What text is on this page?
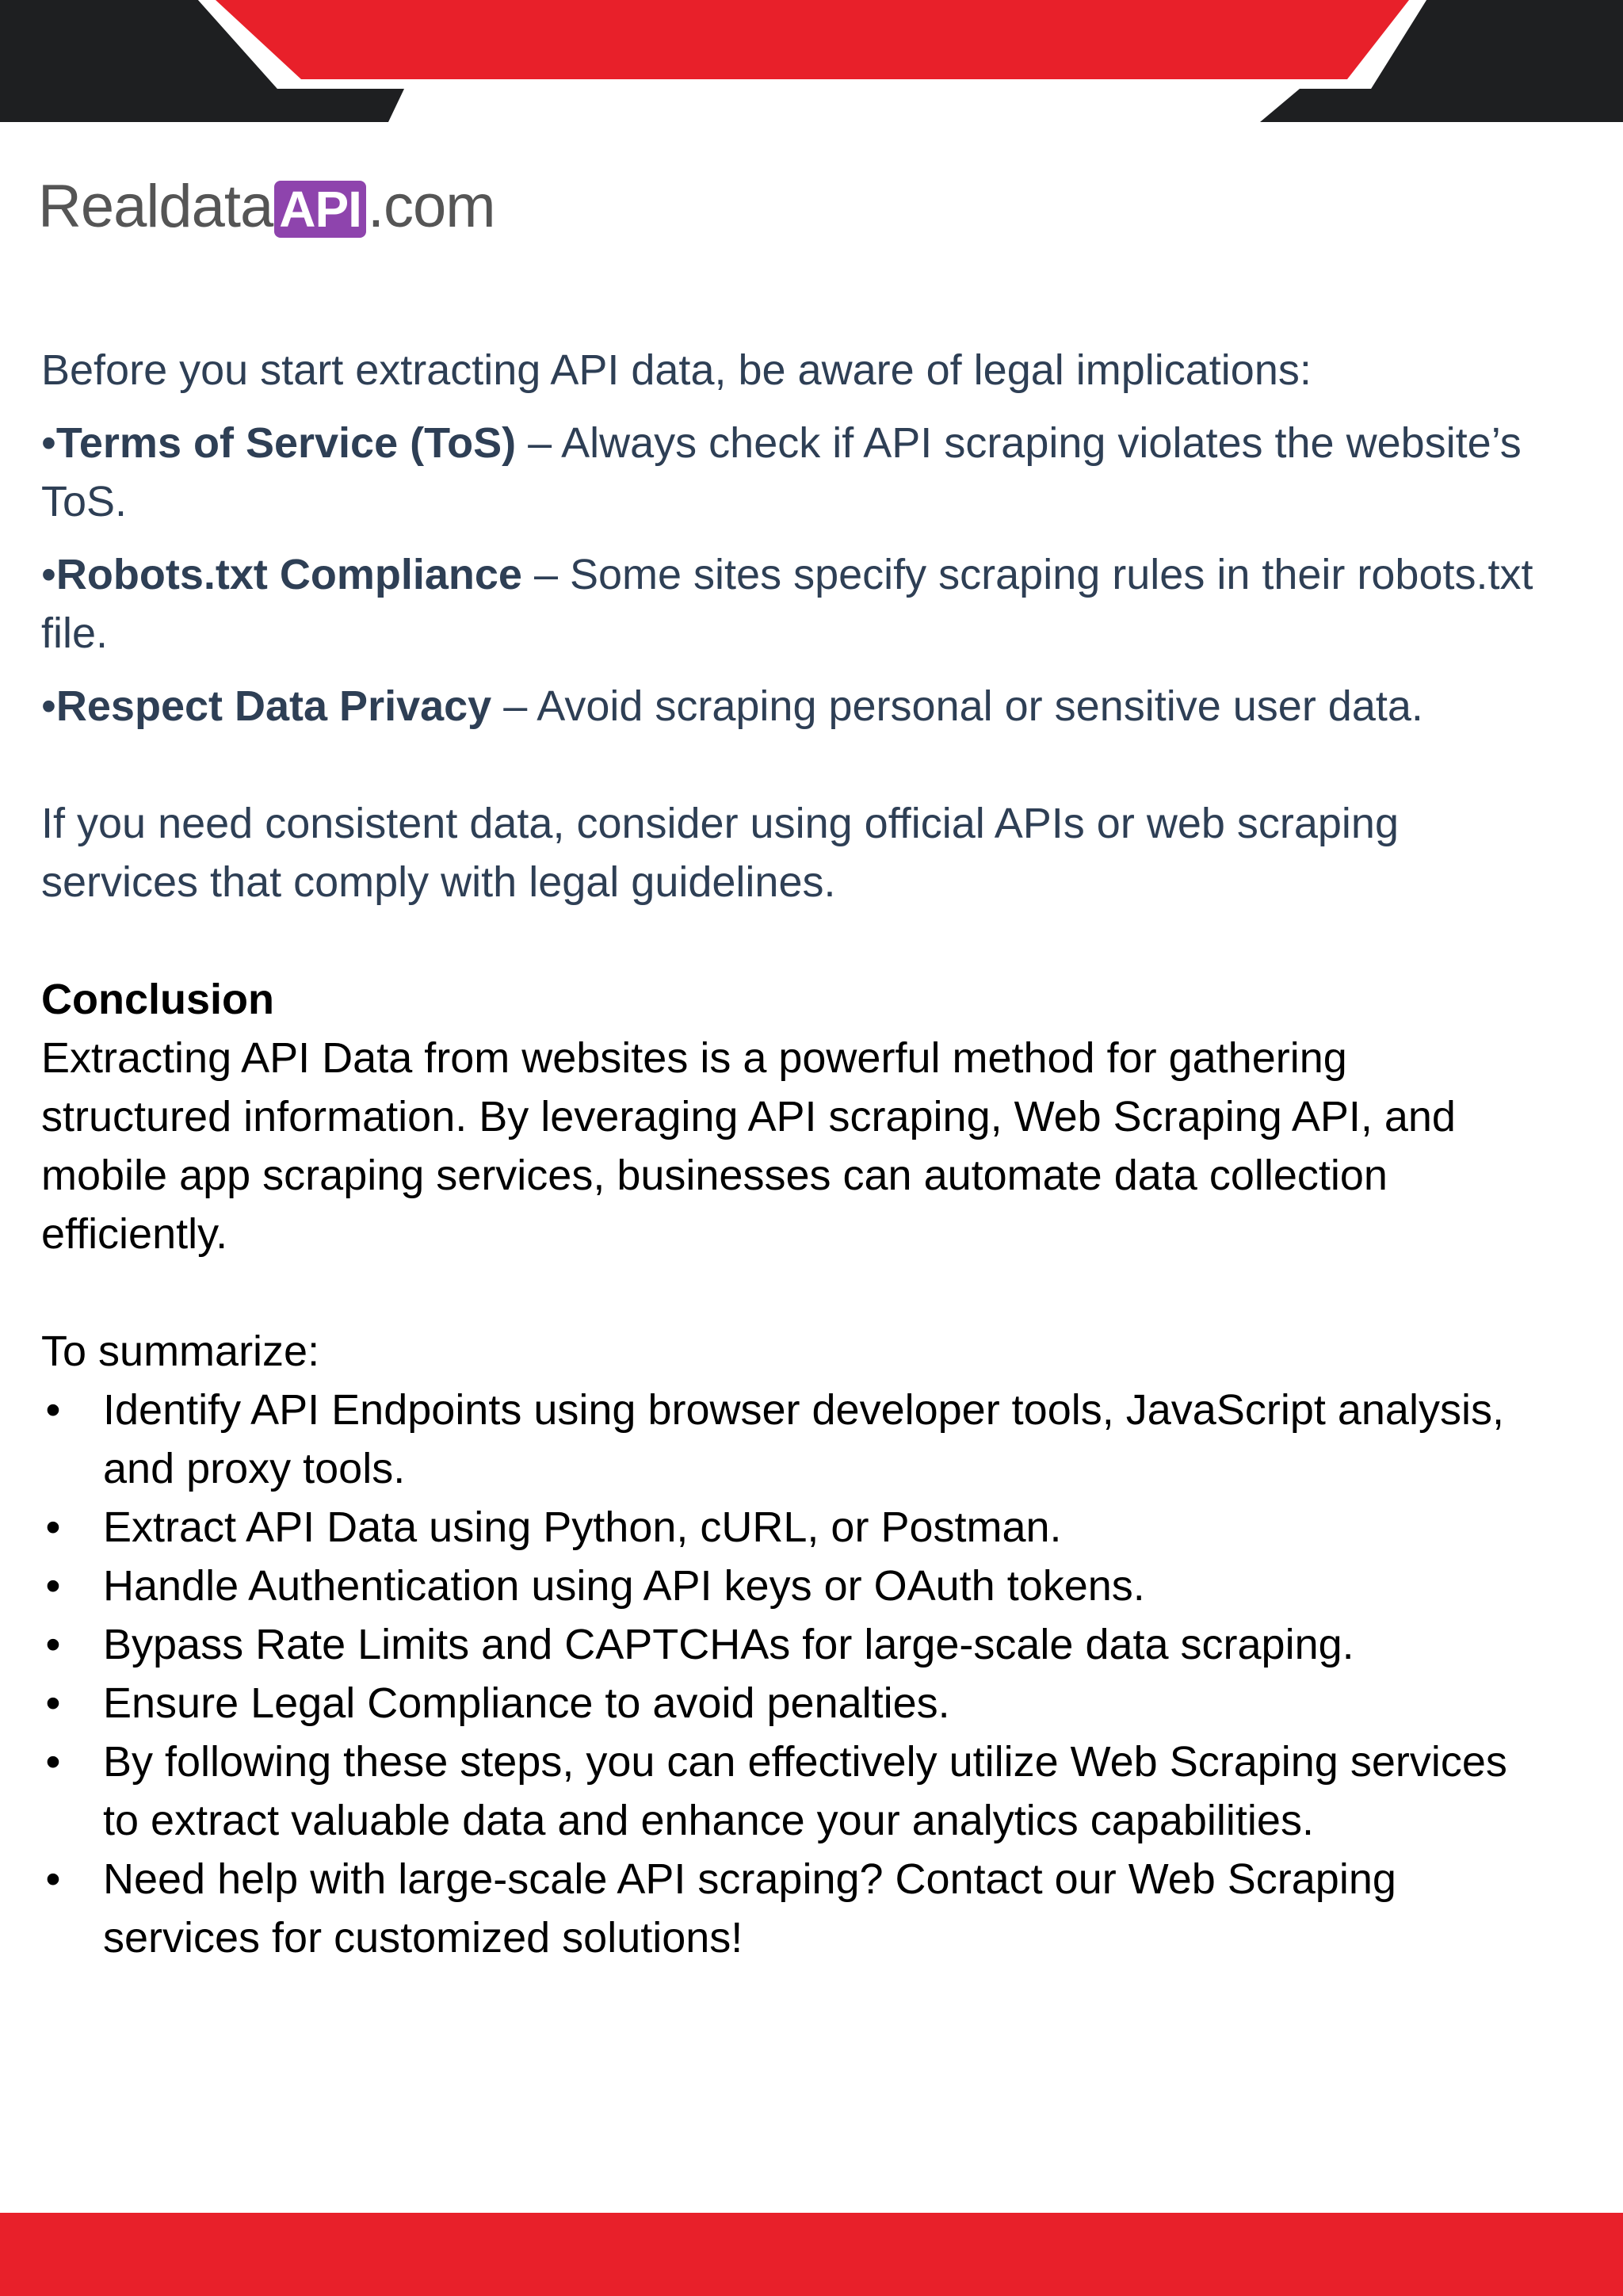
Realdata API .com

Before you start extracting API data, be aware of legal implications:

•Terms of Service (ToS) – Always check if API scraping violates the website’s ToS.

•Robots.txt Compliance – Some sites specify scraping rules in their robots.txt file.

•Respect Data Privacy – Avoid scraping personal or sensitive user data.

If you need consistent data, consider using official APIs or web scraping services that comply with legal guidelines.

Conclusion

Extracting API Data from websites is a powerful method for gathering structured information. By leveraging API scraping, Web Scraping API, and mobile app scraping services, businesses can automate data collection efficiently.

To summarize:

• Identify API Endpoints using browser developer tools, JavaScript analysis, and proxy tools.
• Extract API Data using Python, cURL, or Postman.
• Handle Authentication using API keys or OAuth tokens.
• Bypass Rate Limits and CAPTCHAs for large-scale data scraping.
• Ensure Legal Compliance to avoid penalties.
• By following these steps, you can effectively utilize Web Scraping services to extract valuable data and enhance your analytics capabilities.
• Need help with large-scale API scraping? Contact our Web Scraping services for customized solutions!
